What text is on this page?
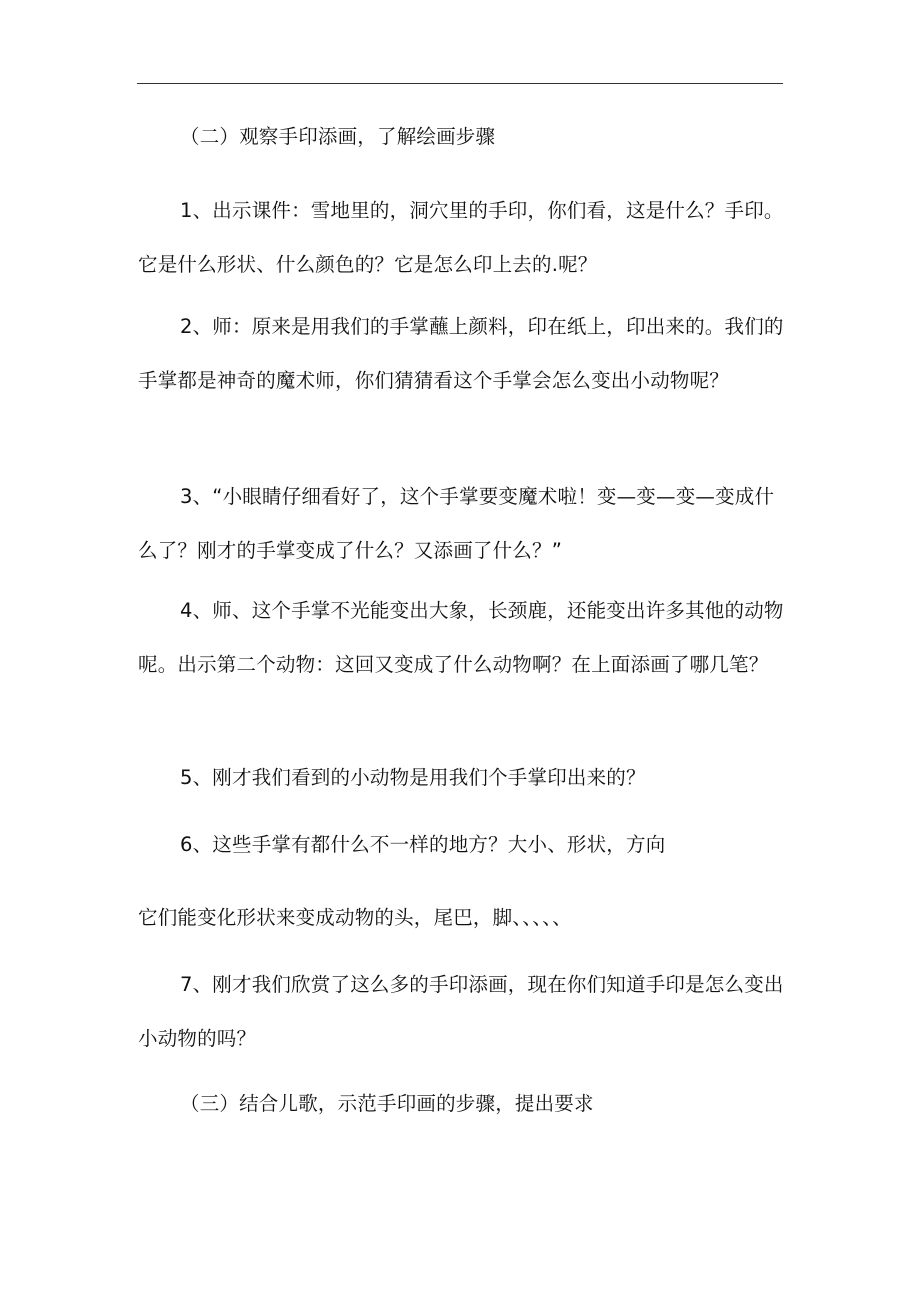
（二）观察手印添画，了解绘画步骤

1、出示课件：雪地里的，洞穴里的手印，你们看，这是什么？手印。它是什么形状、什么颜色的？它是怎么印上去的.呢？

2、师：原来是用我们的手掌蘸上颜料，印在纸上，印出来的。我们的手掌都是神奇的魔术师，你们猜猜看这个手掌会怎么变出小动物呢？

3、“小眼睛仔细看好了，这个手掌要变魔术啦！变—变—变—变成什么了？刚才的手掌变成了什么？又添画了什么？”

4、师、这个手掌不光能变出大象，长颈鹿，还能变出许多其他的动物呢。出示第二个动物：这回又变成了什么动物啊？在上面添画了哪几笔？

5、刚才我们看到的小动物是用我们个手掌印出来的？

6、这些手掌有都什么不一样的地方？大小、形状，方向

它们能变化形状来变成动物的头，尾巴，脚、、、、、

7、刚才我们欣赏了这么多的手印添画，现在你们知道手印是怎么变出小动物的吗？

（三）结合儿歌，示范手印画的步骤，提出要求
